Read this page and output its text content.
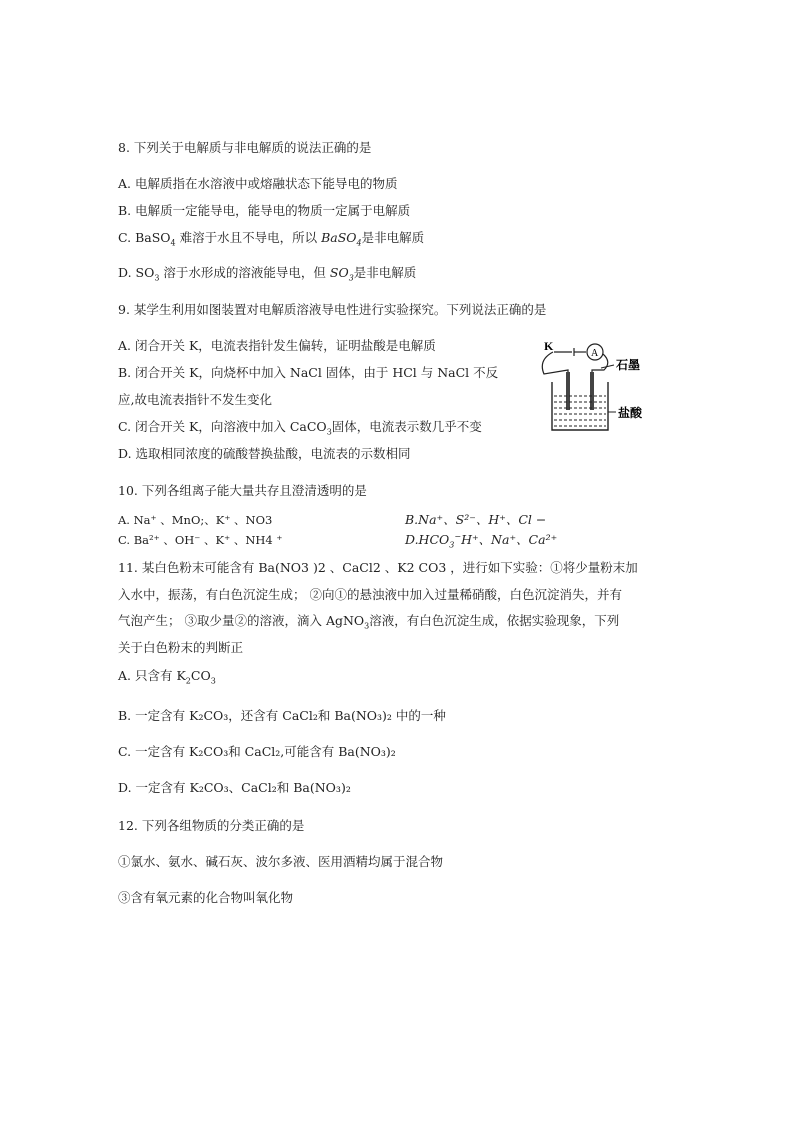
8. 下列关于电解质与非电解质的说法正确的是
A. 电解质指在水溶液中或熔融状态下能导电的物质
B. 电解质一定能导电，能导电的物质一定属于电解质
C. BaSO$_4$ 难溶于水且不导电，所以 BaSO$_4$是非电解质
D. $SO_3$ 溶于水形成的溶液能导电，但 $SO_3$是非电解质
9. 某学生利用如图装置对电解质溶液导电性进行实验探究。下列说法正确的是
A. 闭合开关 K，电流表指针发生偏转，证明盐酸是电解质
B. 闭合开关 K，向烧杯中加入 NaCl 固体，由于 HCl 与 NaCl 不反
应,故电流表指针不发生变化
C. 闭合开关 K，向溶液中加入 CaCO$_3$固体，电流表示数几乎不变
D. 选取相同浓度的硫酸替换盐酸，电流表的示数相同
K
A
石墨
盐酸
10. 下列各组离子能大量共存且澄清透明的是
A. Na⁺ 、MnO;、K⁺ 、NO3	B.Na⁺、S²⁻、H⁺、Cl −
C. Ba²⁺ 、OH⁻ 、K⁺ 、NH4 ⁺	$D.HCO_3^-H^+$、Na⁺、Ca²⁺
11. 某白色粉末可能含有 Ba(NO3 )2 、CaCl2 、K2 CO3 ，进行如下实验：①将少量粉末加
入水中，振荡，有白色沉淀生成； ②向①的悬浊液中加入过量稀硝酸，白色沉淀消失，并有
气泡产生； ③取少量②的溶液，滴入 AgNO$_3$溶液，有白色沉淀生成，依据实验现象，下列
关于白色粉末的判断正
A. 只含有 $K_2CO_3$
B. 一定含有 K₂CO₃，还含有 CaCl₂和 Ba(NO₃)₂ 中的一种
C. 一定含有 K₂CO₃和 CaCl₂,可能含有 Ba(NO₃)₂
D. 一定含有 K₂CO₃、CaCl₂和 Ba(NO₃)₂
12. 下列各组物质的分类正确的是
①氯水、氨水、碱石灰、波尔多液、医用酒精均属于混合物
③含有氧元素的化合物叫氧化物
